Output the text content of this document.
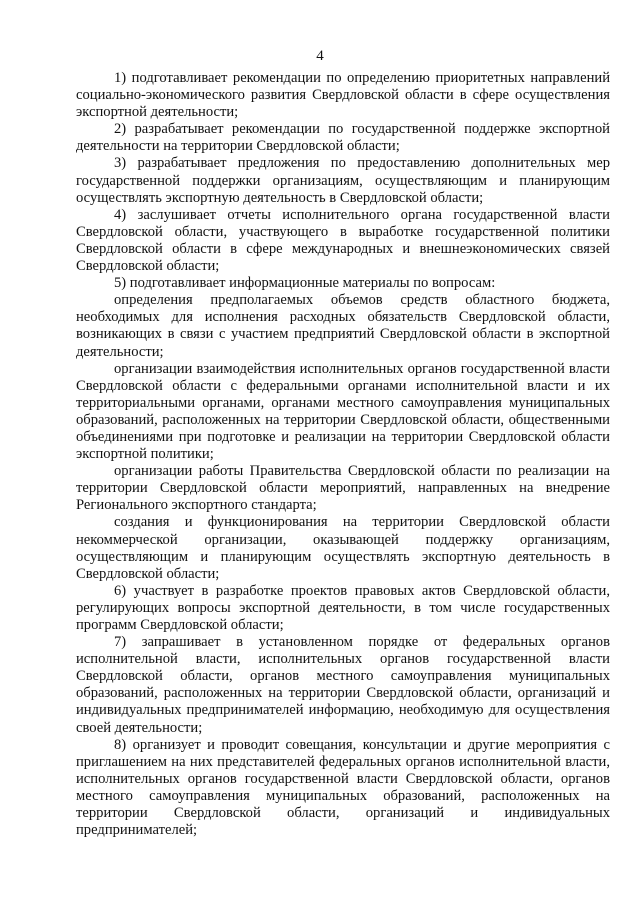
4

1) подготавливает рекомендации по определению приоритетных направлений социально-экономического развития Свердловской области в сфере осуществления экспортной деятельности;

2) разрабатывает рекомендации по государственной поддержке экспортной деятельности на территории Свердловской области;

3) разрабатывает предложения по предоставлению дополнительных мер государственной поддержки организациям, осуществляющим и планирующим осуществлять экспортную деятельность в Свердловской области;

4) заслушивает отчеты исполнительного органа государственной власти Свердловской области, участвующего в выработке государственной политики Свердловской области в сфере международных и внешнеэкономических связей Свердловской области;

5) подготавливает информационные материалы по вопросам:

определения предполагаемых объемов средств областного бюджета, необходимых для исполнения расходных обязательств Свердловской области, возникающих в связи с участием предприятий Свердловской области в экспортной деятельности;

организации взаимодействия исполнительных органов государственной власти Свердловской области с федеральными органами исполнительной власти и их территориальными органами, органами местного самоуправления муниципальных образований, расположенных на территории Свердловской области, общественными объединениями при подготовке и реализации на территории Свердловской области экспортной политики;

организации работы Правительства Свердловской области по реализации на территории Свердловской области мероприятий, направленных на внедрение Регионального экспортного стандарта;

создания и функционирования на территории Свердловской области некоммерческой организации, оказывающей поддержку организациям, осуществляющим и планирующим осуществлять экспортную деятельность в Свердловской области;

6) участвует в разработке проектов правовых актов Свердловской области, регулирующих вопросы экспортной деятельности, в том числе государственных программ Свердловской области;

7) запрашивает в установленном порядке от федеральных органов исполнительной власти, исполнительных органов государственной власти Свердловской области, органов местного самоуправления муниципальных образований, расположенных на территории Свердловской области, организаций и индивидуальных предпринимателей информацию, необходимую для осуществления своей деятельности;

8) организует и проводит совещания, консультации и другие мероприятия с приглашением на них представителей федеральных органов исполнительной власти, исполнительных органов государственной власти Свердловской области, органов местного самоуправления муниципальных образований, расположенных на территории Свердловской области, организаций и индивидуальных предпринимателей;
